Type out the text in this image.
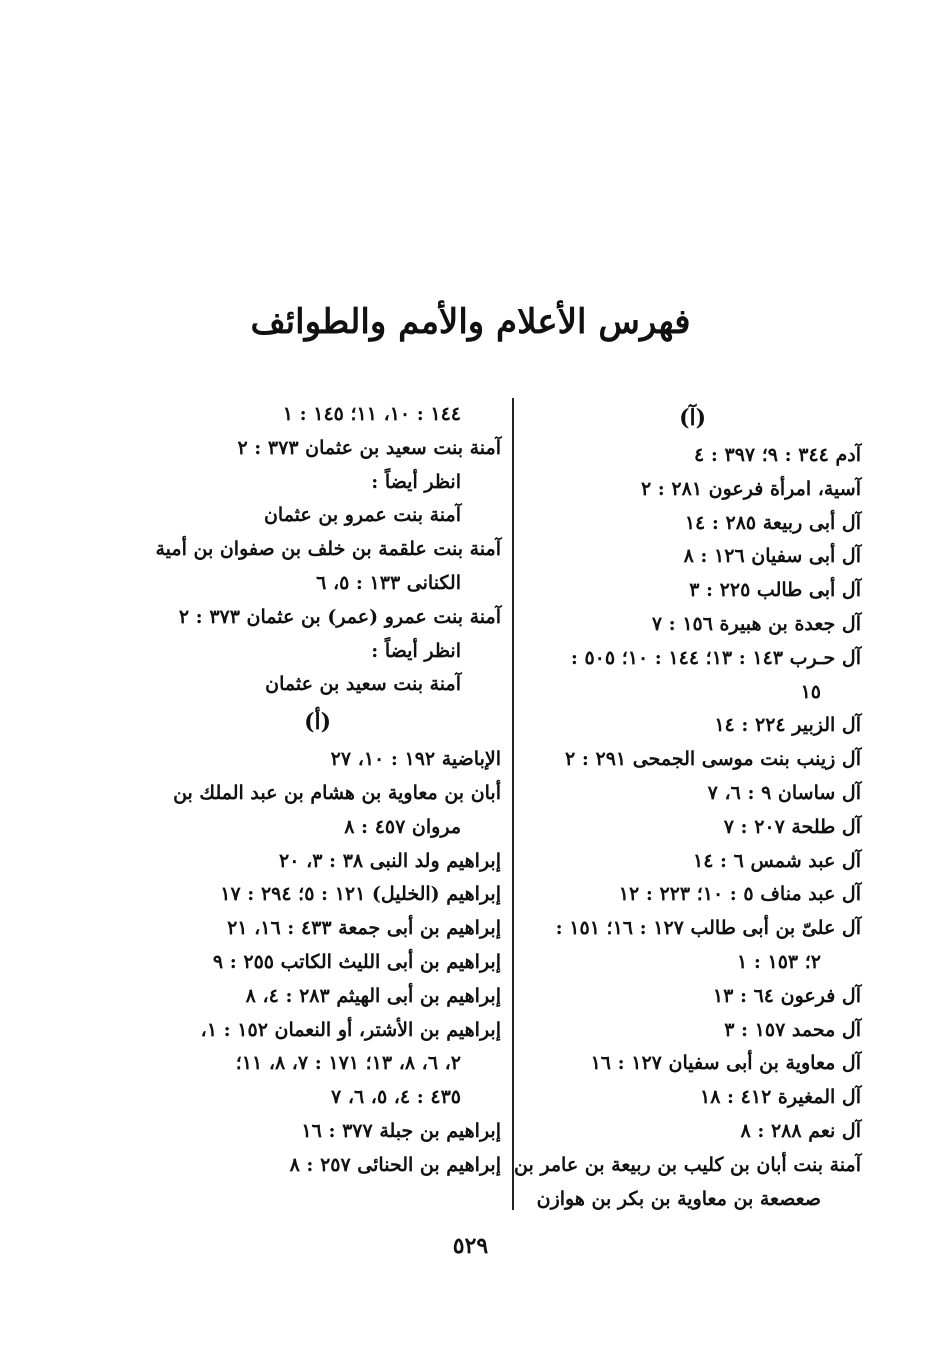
فهرس الأعلام والأمم والطوائف
(آ)
آدم ٣٤٤ : ٩؛ ٣٩٧ : ٤
آسية، امرأة فرعون ٢٨١ : ٢
آل أبى ربيعة ٢٨٥ : ١٤
آل أبى سفيان ١٢٦ : ٨
آل أبى طالب ٢٢٥ : ٣
آل جعدة بن هبيرة ١٥٦ : ٧
آل حـرب ١٤٣ : ١٣؛ ١٤٤ : ١٠؛ ٥٠٥ :
١٥
آل الزبير ٢٢٤ : ١٤
آل زينب بنت موسى الجمحى ٢٩١ : ٢
آل ساسان ٩ : ٦، ٧
آل طلحة ٢٠٧ : ٧
آل عبد شمس ٦ : ١٤
آل عبد مناف ٥ : ١٠؛ ٢٢٣ : ١٢
آل علىّ بن أبى طالب ١٢٧ : ١٦؛ ١٥١ :
٢؛ ١٥٣ : ١
آل فرعون ٦٤ : ١٣
آل محمد ١٥٧ : ٣
آل معاوية بن أبى سفيان ١٢٧ : ١٦
آل المغيرة ٤١٢ : ١٨
آل نعم ٢٨٨ : ٨
آمنة بنت أبان بن كليب بن ربيعة بن عامر بن
صعصعة بن معاوية بن بكر بن هوازن
١٤٤ : ١٠، ١١؛ ١٤٥ : ١
آمنة بنت سعيد بن عثمان ٣٧٣ : ٢
انظر أيضاً :
آمنة بنت عمرو بن عثمان
آمنة بنت علقمة بن خلف بن صفوان بن أمية
الكنانى ١٣٣ : ٥، ٦
آمنة بنت عمرو (عمر) بن عثمان ٣٧٣ : ٢
انظر أيضاً :
آمنة بنت سعيد بن عثمان
(أ)
الإباضية ١٩٢ : ١٠، ٢٧
أبان بن معاوية بن هشام بن عبد الملك بن
مروان ٤٥٧ : ٨
إبراهيم ولد النبى ٣٨ : ٣، ٢٠
إبراهيم (الخليل) ١٢١ : ٥؛ ٢٩٤ : ١٧
إبراهيم بن أبى جمعة ٤٣٣ : ١٦، ٢١
إبراهيم بن أبى الليث الكاتب ٢٥٥ : ٩
إبراهيم بن أبى الهيثم ٢٨٣ : ٤، ٨
إبراهيم بن الأشتر، أو النعمان ١٥٢ : ١،
٢، ٦، ٨، ١٣؛ ١٧١ : ٧، ٨، ١١؛
٤٣٥ : ٤، ٥، ٦، ٧
إبراهيم بن جبلة ٣٧٧ : ١٦
إبراهيم بن الحنائى ٢٥٧ : ٨
٥٢٩
